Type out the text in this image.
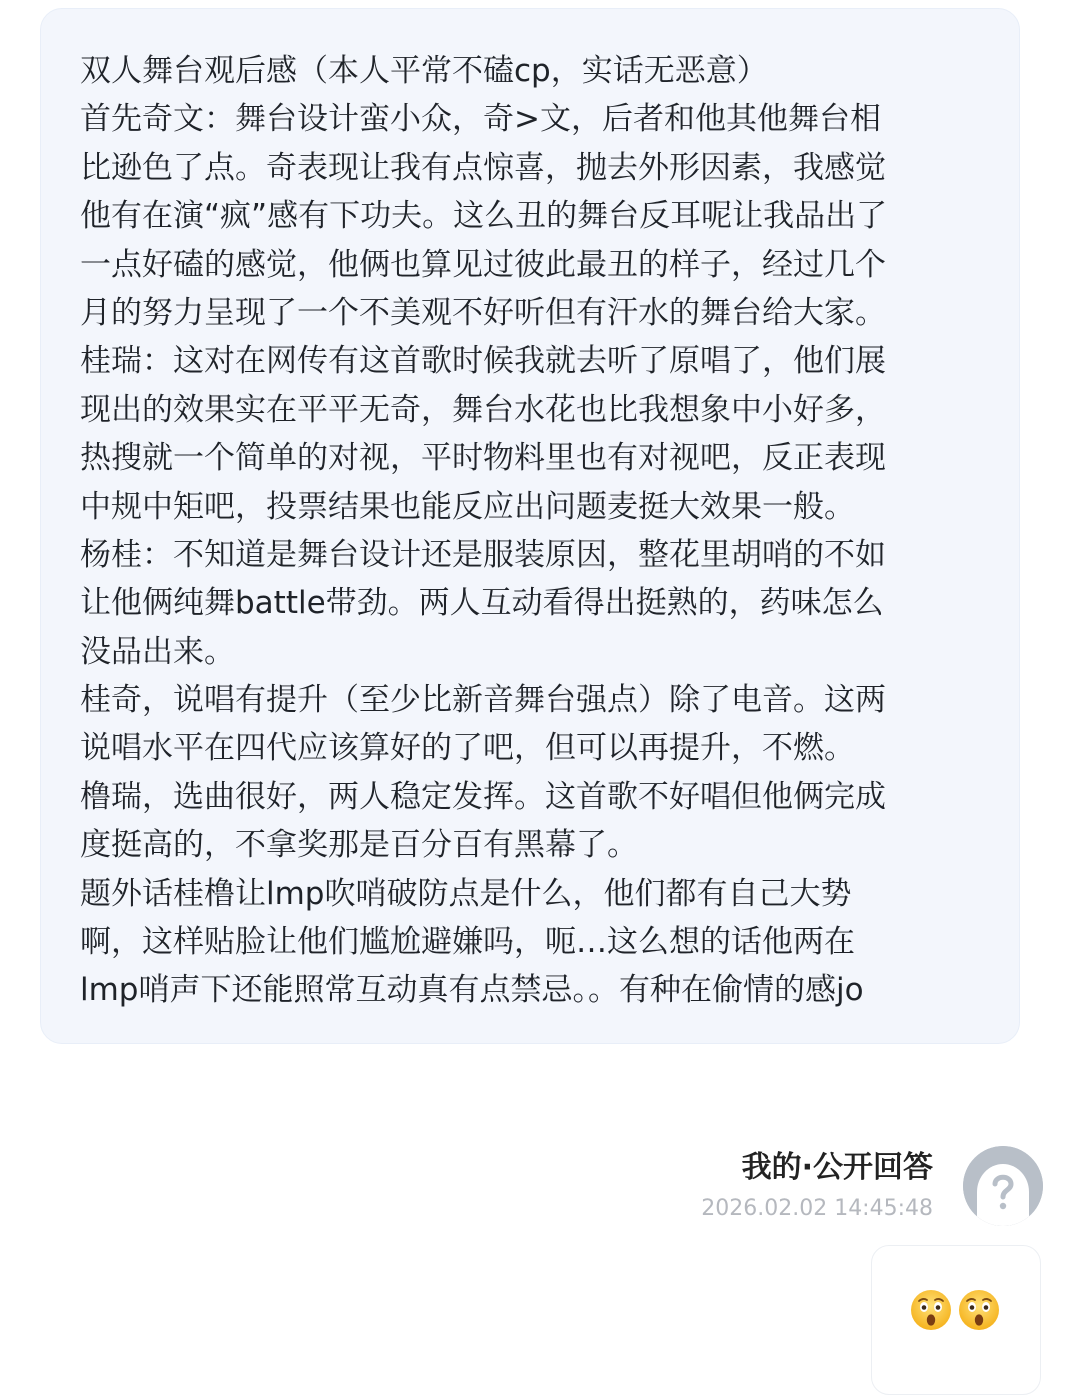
双人舞台观后感（本人平常不磕cp，实话无恶意）
首先奇文：舞台设计蛮小众，奇>文，后者和他其他舞台相
比逊色了点。奇表现让我有点惊喜，抛去外形因素，我感觉
他有在演“疯”感有下功夫。这么丑的舞台反耳呢让我品出了
一点好磕的感觉，他俩也算见过彼此最丑的样子，经过几个
月的努力呈现了一个不美观不好听但有汗水的舞台给大家。
桂瑞：这对在网传有这首歌时候我就去听了原唱了，他们展
现出的效果实在平平无奇，舞台水花也比我想象中小好多，
热搜就一个简单的对视，平时物料里也有对视吧，反正表现
中规中矩吧，投票结果也能反应出问题麦挺大效果一般。
杨桂：不知道是舞台设计还是服装原因，整花里胡哨的不如
让他俩纯舞battle带劲。两人互动看得出挺熟的，药味怎么
没品出来。
桂奇，说唱有提升（至少比新音舞台强点）除了电音。这两
说唱水平在四代应该算好的了吧，但可以再提升，不燃。
橹瑞，选曲很好，两人稳定发挥。这首歌不好唱但他俩完成
度挺高的，不拿奖那是百分百有黑幕了。
题外话桂橹让lmp吹哨破防点是什么，他们都有自己大势
啊，这样贴脸让他们尴尬避嫌吗，呃…这么想的话他两在
lmp哨声下还能照常互动真有点禁忌。。有种在偷情的感jo
我的·公开回答
2026.02.02 14:45:48
